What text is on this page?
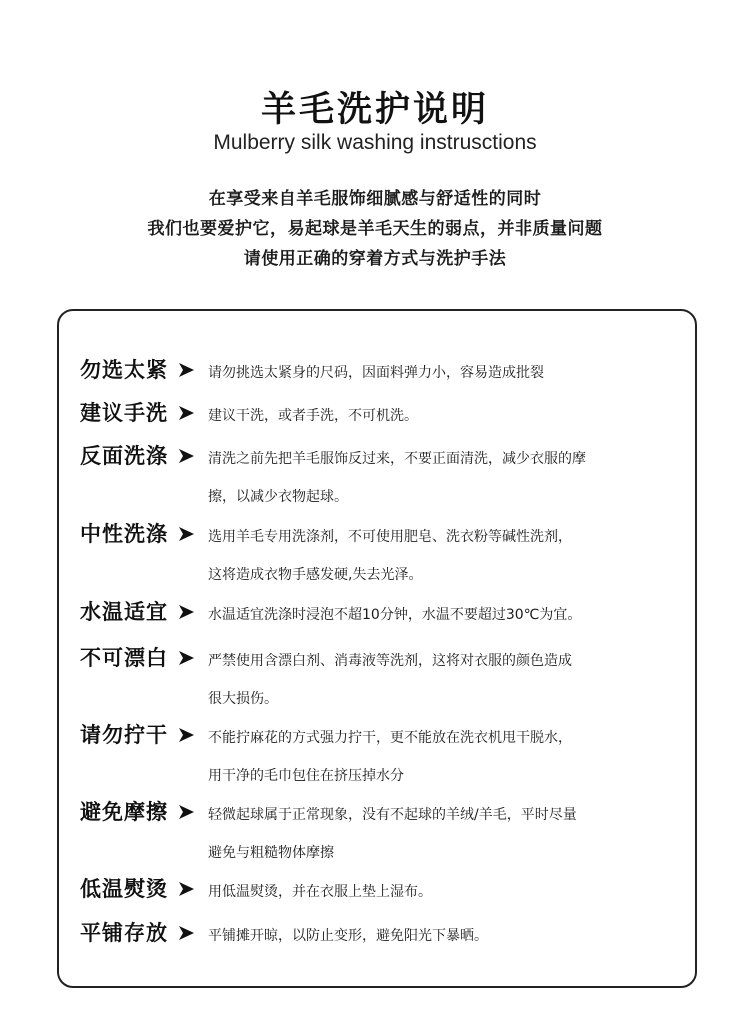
羊毛洗护说明
Mulberry silk washing instrusctions
在享受来自羊毛服饰细腻感与舒适性的同时
我们也要爱护它，易起球是羊毛天生的弱点，并非质量问题
请使用正确的穿着方式与洗护手法
勿选太紧	请勿挑选太紧身的尺码，因面料弹力小，容易造成批裂
建议手洗	建议干洗，或者手洗，不可机洗。
反面洗涤	清洗之前先把羊毛服饰反过来，不要正面清洗，减少衣服的摩
擦，以减少衣物起球。
中性洗涤	选用羊毛专用洗涤剂，不可使用肥皂、洗衣粉等碱性洗剂，
这将造成衣物手感发硬,失去光泽。
水温适宜	水温适宜洗涤时浸泡不超10分钟，水温不要超过30℃为宜。
不可漂白	严禁使用含漂白剂、消毒液等洗剂，这将对衣服的颜色造成
很大损伤。
请勿拧干	不能拧麻花的方式强力拧干，更不能放在洗衣机甩干脱水，
用干净的毛巾包住在挤压掉水分
避免摩擦	轻微起球属于正常现象，没有不起球的羊绒/羊毛，平时尽量
避免与粗糙物体摩擦
低温熨烫	用低温熨烫，并在衣服上垫上湿布。
平铺存放	平铺摊开晾，以防止变形，避免阳光下暴晒。
